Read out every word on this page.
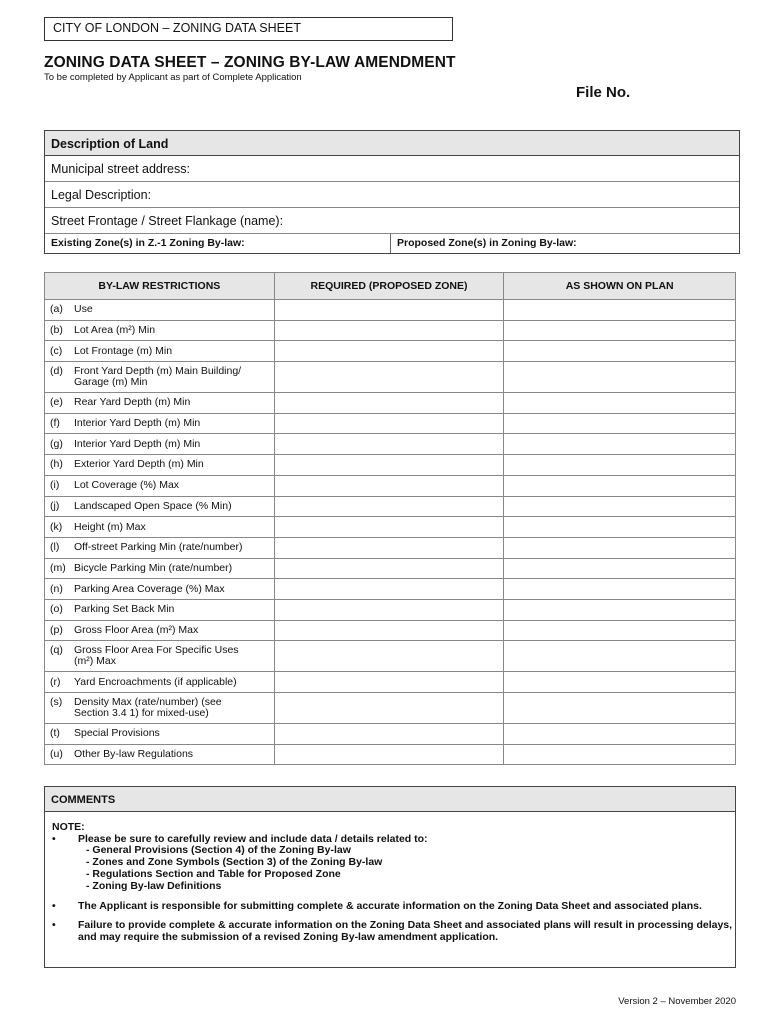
CITY OF LONDON – ZONING DATA SHEET
ZONING DATA SHEET – ZONING BY-LAW AMENDMENT
To be completed by Applicant as part of Complete Application
File No.
Description of Land
Municipal street address:
Legal Description:
Street Frontage / Street Flankage (name):
Existing Zone(s) in Z.-1 Zoning By-law:	Proposed Zone(s) in Zoning By-law:
BY-LAW RESTRICTIONS	REQUIRED (PROPOSED ZONE)	AS SHOWN ON PLAN

(a) Use		

(b) Lot Area (m²) Min		

(c) Lot Frontage (m) Min		

(d) Front Yard Depth (m) Main Building/
Garage (m) Min		

(e) Rear Yard Depth (m) Min		

(f) Interior Yard Depth (m) Min		

(g) Interior Yard Depth (m) Min		

(h) Exterior Yard Depth (m) Min		

(i) Lot Coverage (%) Max		

(j) Landscaped Open Space (% Min)		

(k) Height (m) Max		

(l) Off-street Parking Min (rate/number)		

(m) Bicycle Parking Min (rate/number)		

(n) Parking Area Coverage (%) Max		

(o) Parking Set Back Min		

(p) Gross Floor Area (m²) Max		

(q) Gross Floor Area For Specific Uses
(m²) Max		

(r) Yard Encroachments (if applicable)		

(s) Density Max (rate/number) (see
Section 3.4 1) for mixed-use)		

(t) Special Provisions		

(u) Other By-law Regulations		

COMMENTS
NOTE:
• Please be sure to carefully review and include data / details related to:
- General Provisions (Section 4) of the Zoning By-law
- Zones and Zone Symbols (Section 3) of the Zoning By-law
- Regulations Section and Table for Proposed Zone
- Zoning By-law Definitions
• The Applicant is responsible for submitting complete & accurate information on the Zoning Data Sheet and associated plans.
• Failure to provide complete & accurate information on the Zoning Data Sheet and associated plans will result in processing delays, and may require the submission of a revised Zoning By-law amendment application.
Version 2 – November 2020
